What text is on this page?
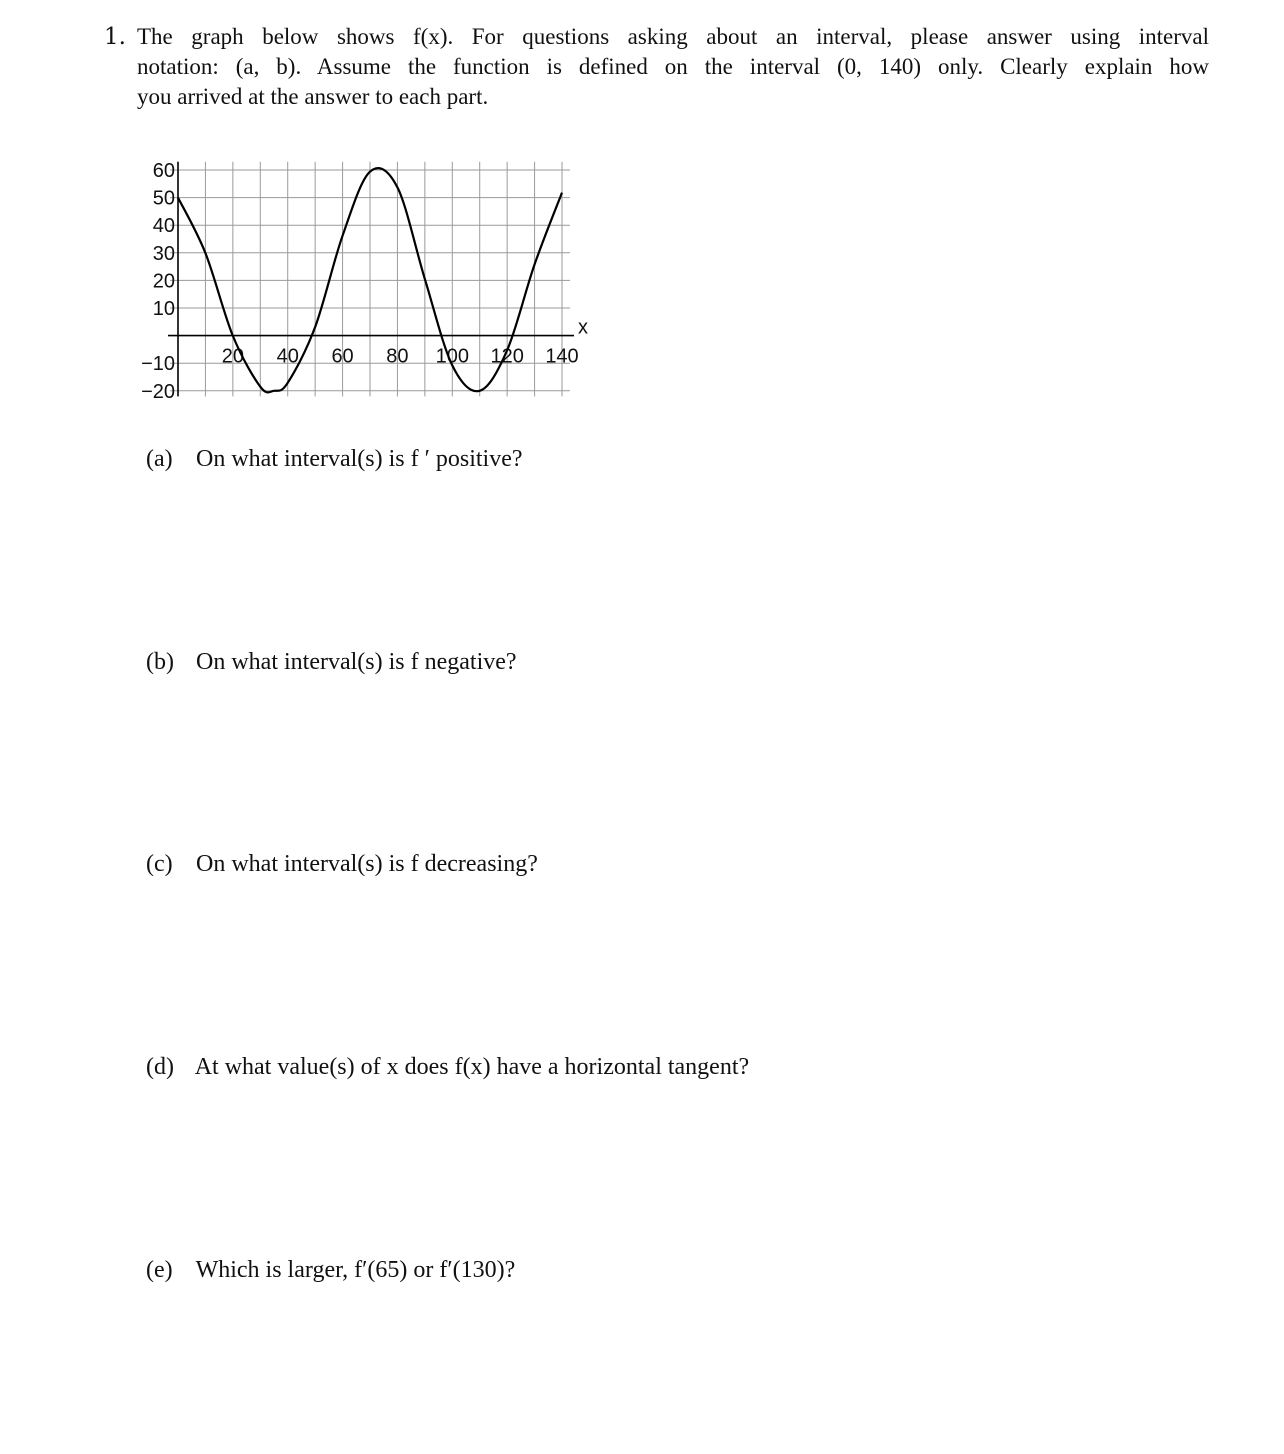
1. The graph below shows f(x). For questions asking about an interval, please answer using interval
notation: (a, b). Assume the function is defined on the interval (0, 140) only. Clearly explain how
you arrived at the answer to each part.
20 40 60 80 100 120 140
60
50
40
30
20
10
−10
−20
x
(a) On what interval(s) is f ′ positive?
(b) On what interval(s) is f negative?
(c) On what interval(s) is f decreasing?
(d) At what value(s) of x does f(x) have a horizontal tangent?
(e) Which is larger, f′(65) or f′(130)?
